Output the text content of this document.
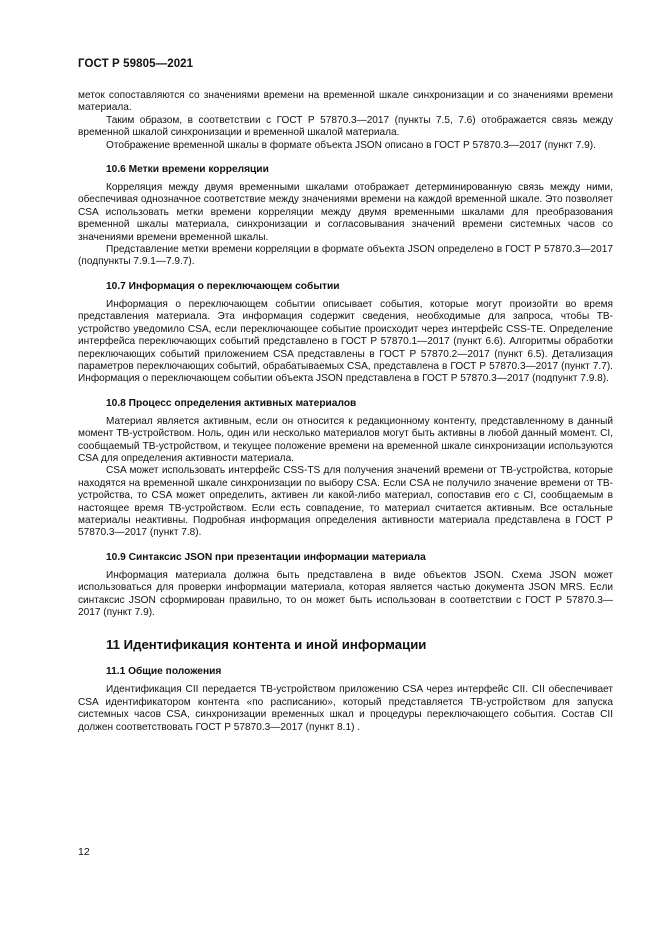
ГОСТ Р 59805—2021

меток сопоставляются со значениями времени на временной шкале синхронизации и со значениями времени материала.

Таким образом, в соответствии с ГОСТ Р 57870.3—2017 (пункты 7.5, 7.6) отображается связь между временной шкалой синхронизации и временной шкалой материала.

Отображение временной шкалы в формате объекта JSON описано в ГОСТ Р 57870.3—2017 (пункт 7.9).

10.6 Метки времени корреляции

Корреляция между двумя временными шкалами отображает детерминированную связь между ними, обеспечивая однозначное соответствие между значениями времени на каждой временной шкале. Это позволяет CSA использовать метки времени корреляции между двумя временными шкалами для преобразования временной шкалы материала, синхронизации и согласовывания значений времени системных часов со значениями времени временной шкалы.

Представление метки времени корреляции в формате объекта JSON определено в ГОСТ Р 57870.3—2017 (подпункты 7.9.1—7.9.7).

10.7 Информация о переключающем событии

Информация о переключающем событии описывает события, которые могут произойти во время представления материала. Эта информация содержит сведения, необходимые для запроса, чтобы ТВ-устройство уведомило CSA, если переключающее событие происходит через интерфейс CSS-TE. Определение интерфейса переключающих событий представлено в ГОСТ Р 57870.1—2017 (пункт 6.6). Алгоритмы обработки переключающих событий приложением CSA представлены в ГОСТ Р 57870.2—2017 (пункт 6.5). Детализация параметров переключающих событий, обрабатываемых CSA, представлена в ГОСТ Р 57870.3—2017 (пункт 7.7). Информация о переключающем событии объекта JSON представлена в ГОСТ Р 57870.3—2017 (подпункт 7.9.8).

10.8 Процесс определения активных материалов

Материал является активным, если он относится к редакционному контенту, представленному в данный момент ТВ-устройством. Ноль, один или несколько материалов могут быть активны в любой данный момент. CI, сообщаемый ТВ-устройством, и текущее положение времени на временной шкале синхронизации используются CSA для определения активности материала.

CSA может использовать интерфейс CSS-TS для получения значений времени от ТВ-устройства, которые находятся на временной шкале синхронизации по выбору CSA. Если CSA не получило значение времени от ТВ-устройства, то CSA может определить, активен ли какой-либо материал, сопоставив его с CI, сообщаемым в настоящее время ТВ-устройством. Если есть совпадение, то материал считается активным. Все остальные материалы неактивны. Подробная информация определения активности материала представлена в ГОСТ Р 57870.3—2017 (пункт 7.8).

10.9 Синтаксис JSON при презентации информации материала

Информация материала должна быть представлена в виде объектов JSON. Схема JSON может использоваться для проверки информации материала, которая является частью документа JSON MRS. Если синтаксис JSON сформирован правильно, то он может быть использован в соответствии с ГОСТ Р 57870.3—2017 (пункт 7.9).

11 Идентификация контента и иной информации
11.1 Общие положения

Идентификация CII передается ТВ-устройством приложению CSA через интерфейс CII. CII обеспечивает CSA идентификатором контента «по расписанию», который представляется ТВ-устройством для запуска системных часов CSA, синхронизации временных шкал и процедуры переключающего события. Состав CII должен соответствовать ГОСТ Р 57870.3—2017 (пункт 8.1) .

12
